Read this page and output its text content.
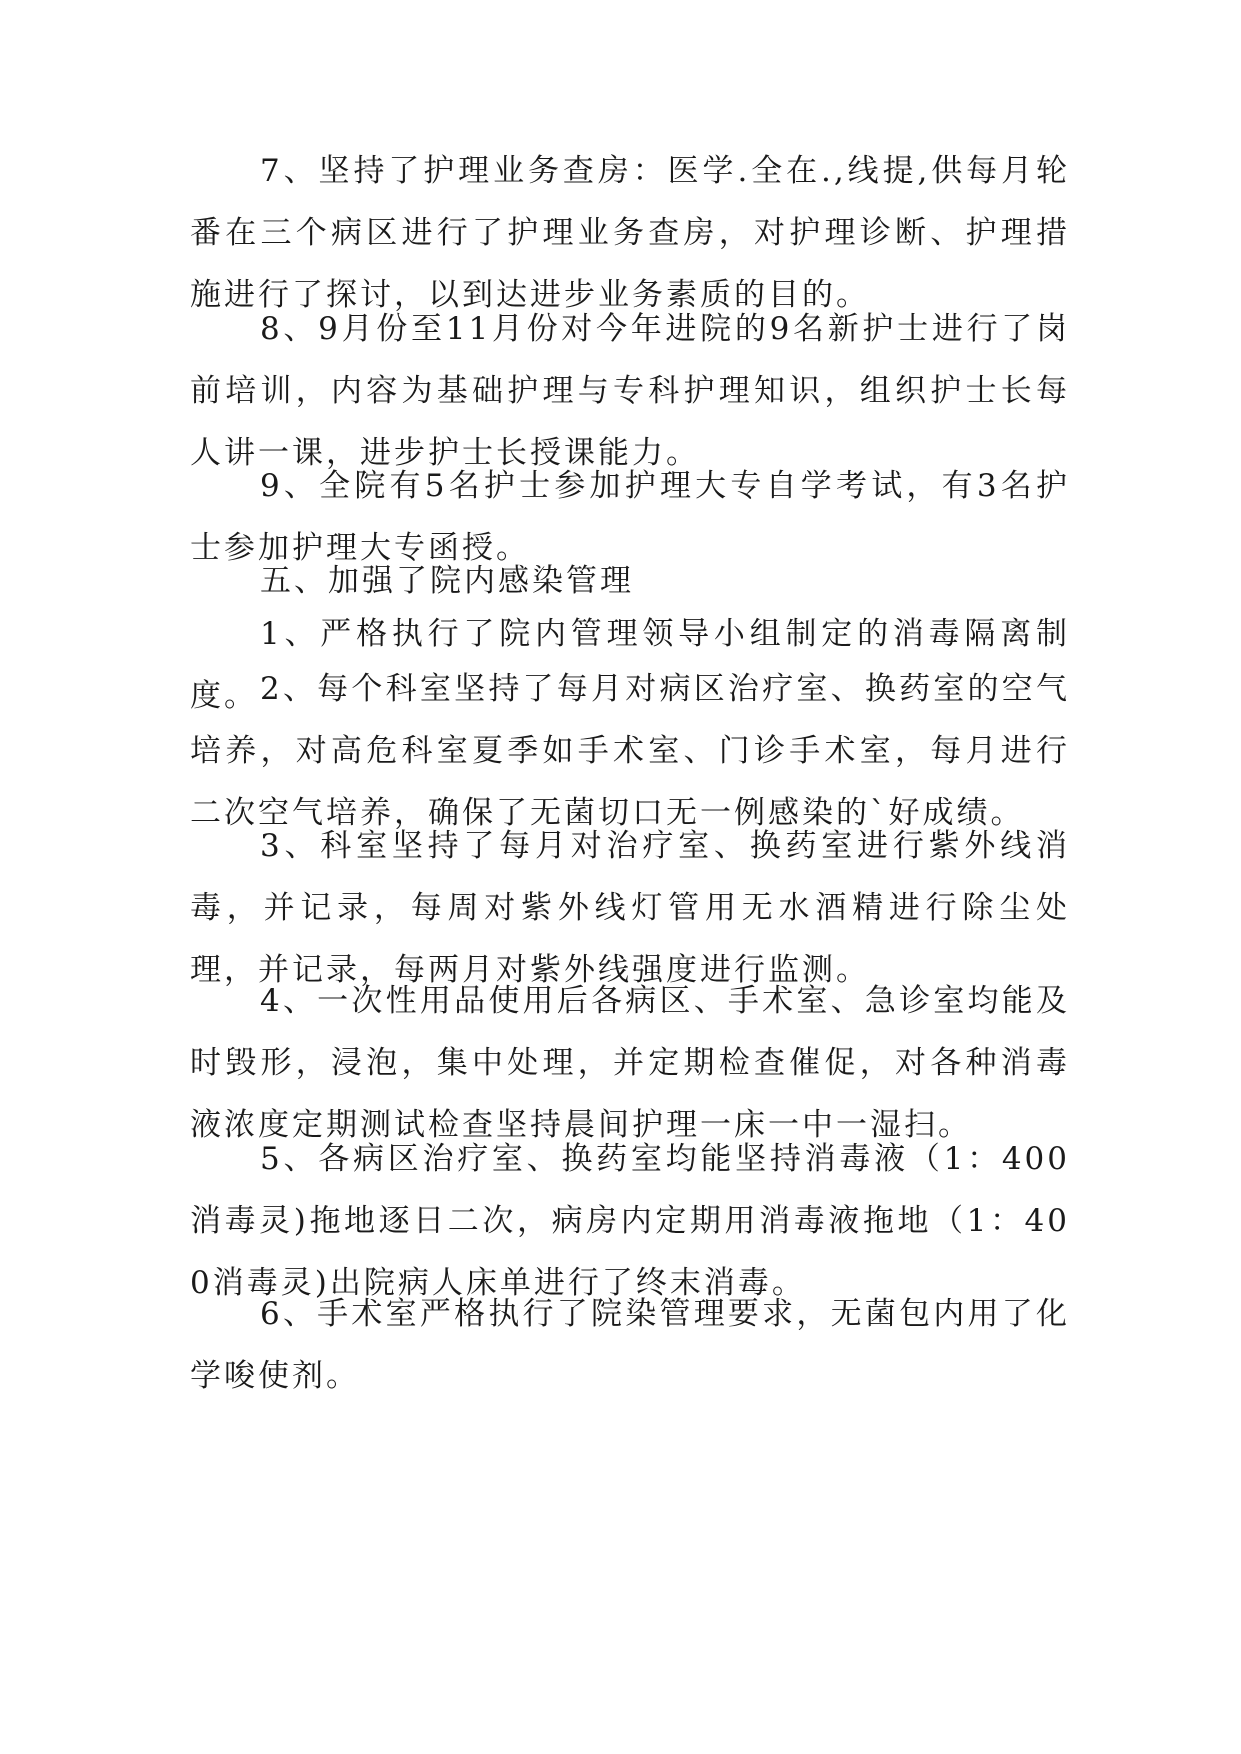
7、坚持了护理业务查房：医学.全在.,线提,供每月轮番在三个病区进行了护理业务查房，对护理诊断、护理措施进行了探讨，以到达进步业务素质的目的。

8、9月份至11月份对今年进院的9名新护士进行了岗前培训，内容为基础护理与专科护理知识，组织护士长每人讲一课，进步护士长授课能力。

9、全院有5名护士参加护理大专自学考试，有3名护士参加护理大专函授。

五、加强了院内感染管理

1、严格执行了院内管理领导小组制定的消毒隔离制度。 2、每个科室坚持了每月对病区治疗室、换药室的空气培养，对高危科室夏季如手术室、门诊手术室，每月进行二次空气培养，确保了无菌切口无一例感染的`好成绩。

3、科室坚持了每月对治疗室、换药室进行紫外线消毒，并记录，每周对紫外线灯管用无水酒精进行除尘处理，并记录，每两月对紫外线强度进行监测。

4、一次性用品使用后各病区、手术室、急诊室均能及时毁形，浸泡，集中处理，并定期检查催促，对各种消毒液浓度定期测试检查坚持晨间护理一床一中一湿扫。

5、各病区治疗室、换药室均能坚持消毒液（1：400消毒灵)拖地逐日二次，病房内定期用消毒液拖地（1：400消毒灵)出院病人床单进行了终末消毒。

6、手术室严格执行了院染管理要求，无菌包内用了化学唆使剂。
